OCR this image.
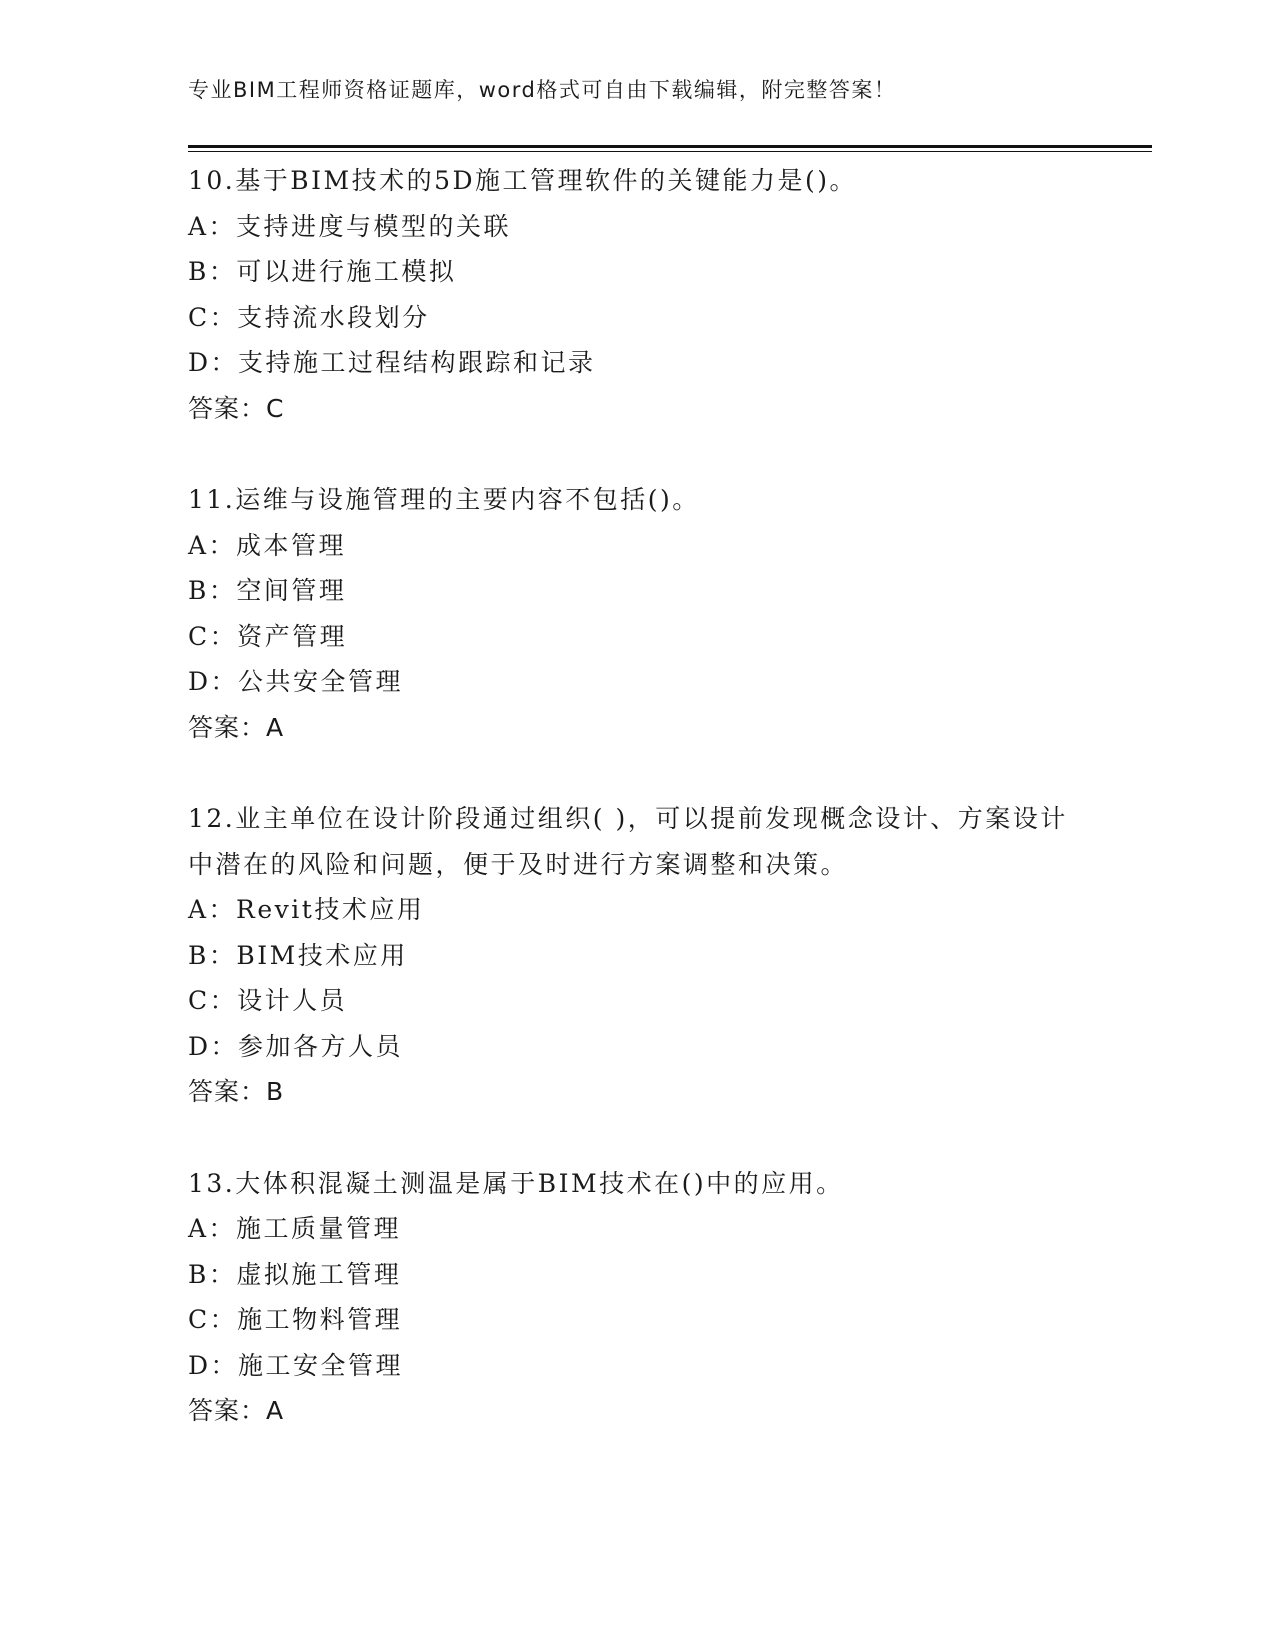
专业BIM工程师资格证题库，word格式可自由下载编辑，附完整答案！
10.基于BIM技术的5D施工管理软件的关键能力是()。
A：支持进度与模型的关联
B：可以进行施工模拟
C：支持流水段划分
D：支持施工过程结构跟踪和记录
答案：C
11.运维与设施管理的主要内容不包括()。
A：成本管理
B：空间管理
C：资产管理
D：公共安全管理
答案：A
12.业主单位在设计阶段通过组织( )，可以提前发现概念设计、方案设计中潜在的风险和问题，便于及时进行方案调整和决策。
A：Revit技术应用
B：BIM技术应用
C：设计人员
D：参加各方人员
答案：B
13.大体积混凝土测温是属于BIM技术在()中的应用。
A：施工质量管理
B：虚拟施工管理
C：施工物料管理
D：施工安全管理
答案：A
